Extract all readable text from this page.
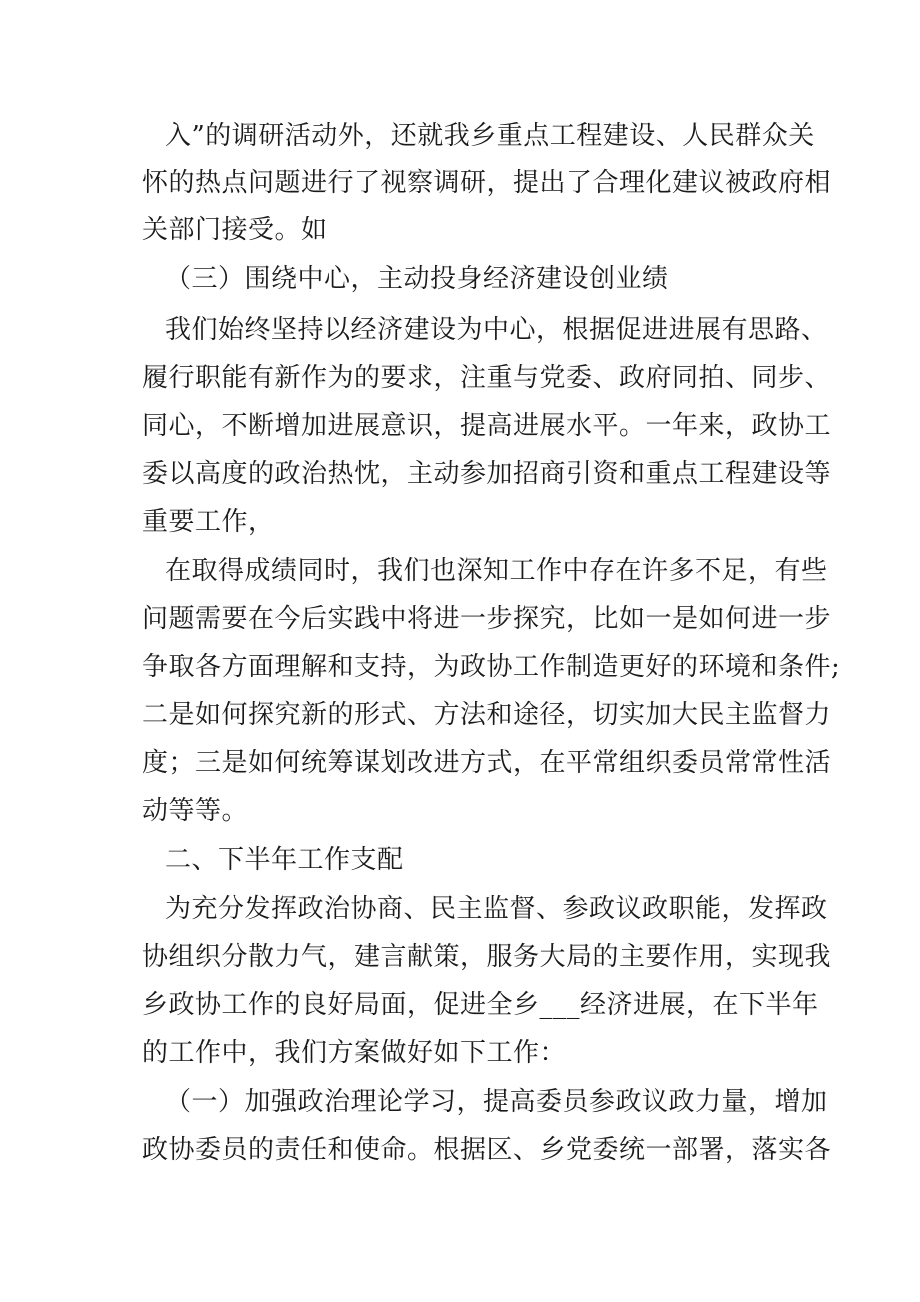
入”的调研活动外，还就我乡重点工程建设、人民群众关
怀的热点问题进行了视察调研，提出了合理化建议被政府相
关部门接受。如
（三）围绕中心，主动投身经济建设创业绩
我们始终坚持以经济建设为中心，根据促进进展有思路、
履行职能有新作为的要求，注重与党委、政府同拍、同步、
同心，不断增加进展意识，提高进展水平。一年来，政协工
委以高度的政治热忱，主动参加招商引资和重点工程建设等
重要工作，
在取得成绩同时，我们也深知工作中存在许多不足，有些
问题需要在今后实践中将进一步探究，比如一是如何进一步
争取各方面理解和支持，为政协工作制造更好的环境和条件;
二是如何探究新的形式、方法和途径，切实加大民主监督力
度；三是如何统筹谋划改进方式，在平常组织委员常常性活
动等等。
二、下半年工作支配
为充分发挥政治协商、民主监督、参政议政职能，发挥政
协组织分散力气，建言献策，服务大局的主要作用，实现我
乡政协工作的良好局面，促进全乡___经济进展，在下半年
的工作中，我们方案做好如下工作：
（一）加强政治理论学习，提高委员参政议政力量，增加
政协委员的责任和使命。根据区、乡党委统一部署，落实各
